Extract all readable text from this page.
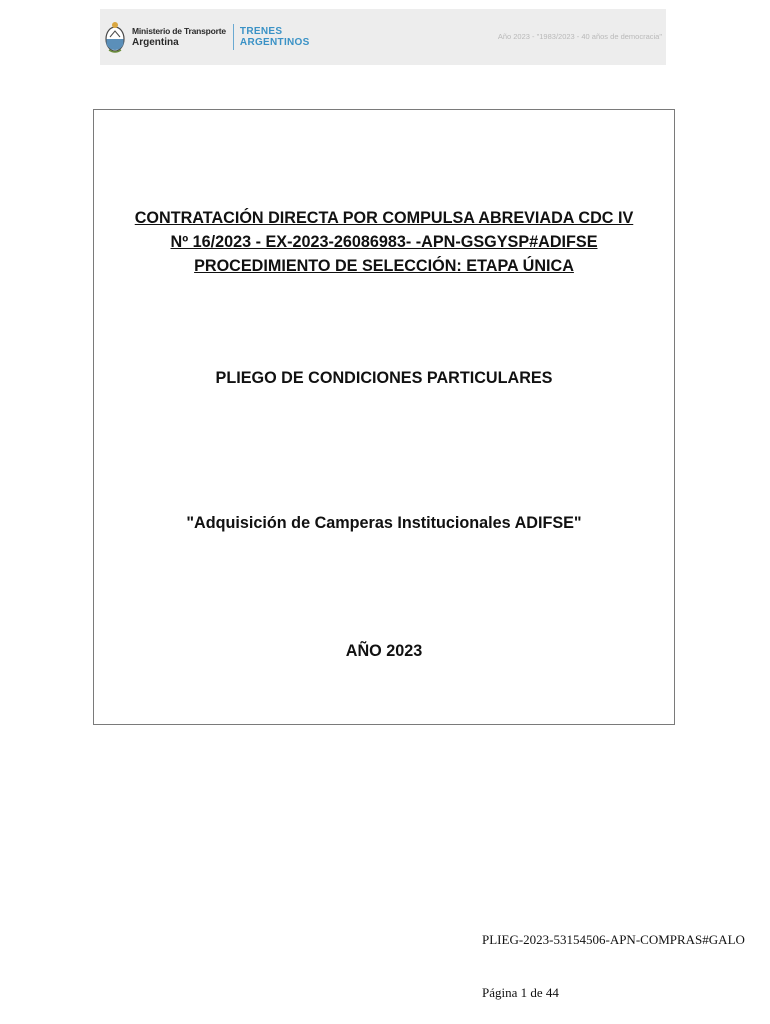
Ministerio de Transporte
Argentina
TRENES
ARGENTINOS
Año 2023 - "1983/2023 - 40 años de democracia"
CONTRATACIÓN DIRECTA POR COMPULSA ABREVIADA CDC IV
Nº 16/2023 - EX-2023-26086983- -APN-GSGYSP#ADIFSE
PROCEDIMIENTO DE SELECCIÓN: ETAPA ÚNICA
PLIEGO DE CONDICIONES PARTICULARES
"Adquisición de Camperas Institucionales ADIFSE"
AÑO 2023
PLIEG-2023-53154506-APN-COMPRAS#GALO
Página 1 de 44
